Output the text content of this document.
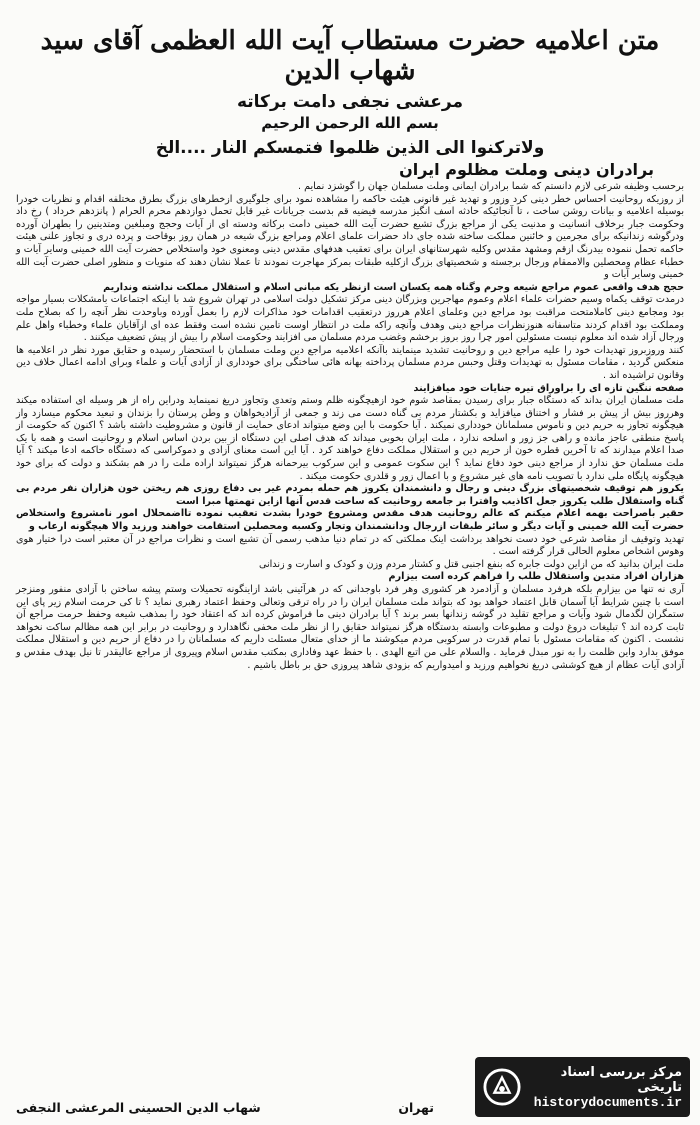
متن اعلامیه حضرت مستطاب آیت الله العظمی آقای سید شهاب الدین
مرعشی نجفی دامت برکاته
بسم الله الرحمن الرحیم
ولاترکنوا الی الذین ظلموا فتمسکم النار ....الخ
برادران دینی وملت مظلوم ایران

برحسب وظیفه شرعی لازم دانستم که شما برادران ایمانی وملت مسلمان جهان را گوشزد نمایم .

از روزیکه روحانیت احساس خطر دینی کرد وزور و تهدید غیر قانونی هیئت حاکمه را مشاهده نمود برای جلوگیری ازخطرهای بزرگ بطرق مختلفه اقدام و نظریات خودرا بوسیله اعلامیه و بیانات روشن ساخت ، تا آنجائیکه حادثه اسف انگیز مدرسه فیضیه قم بدست جریانات غیر قابل تحمل دوازدهم محرم الحرام ( پانزدهم خرداد ) رخ داد وحکومت جبار برخلاف انسانیت و مدنیت یکی از مراجع بزرگ تشیع حضرت آیت الله خمینی دامت برکاته ودسته ای از آیات وحجج ومبلغین ومتدینین را بطهران آورده ودرگوشه زندانیکه برای مجرمین و خائنین مملکت ساخته شده جای داد حضرات علمای اعلام ومراجع بزرگ شیعه در همان روز بوقاحت و پرده دری و تجاوز علنی هیئت حاکمه تحمل ننموده بیدرنگ ازقم ومشهد مقدس وکلیه شهرستانهای ایران برای تعقیب هدفهای مقدس دینی ومعنوی خود واستخلاص حضرت آیت الله خمینی وسایر آیات و خطباء عظام ومحصلین والاممقام ورجال برجسته و شخصیتهای بزرگ ازکلیه طبقات بمرکز مهاجرت نمودند تا عملا نشان دهند که منویات و منظور اصلی حضرت آیت الله خمینی وسایر آیات و

حجج هدف واقعی عموم مراجع شیعه وجرم وگناه همه یکسان است ازنظر یکه مبانی اسلام و استقلال مملکت نداشته ونداریم

درمدت توقف یکماه وسیم حضرات علماء اعلام وعموم مهاجرین وبزرگان دینی مرکز تشکیل دولت اسلامی در تهران شروع شد با اینکه اجتماعات بامشکلات بسیار مواجه بود ومجامع دینی کاملامتحت مراقبت بود مراجع دین وعلمای اعلام هرروز درتعقیب اقدامات خود مذاکرات لازم را بعمل آورده وباوحدت نظر آنچه را که بصلاح ملت ومملکت بود اقدام کردند متاسفانه هنوزنظرات مراجع دینی وهدف وآنچه راکه ملت در انتظار اوست تامین نشده است وفقط عده ای ازآقایان علماء وخطباء واهل علم ورجال آزاد شده اند معلوم نیست مسئولین امور چرا روز بروز برخشم وغضب مردم مسلمان می افزایند وحکومت اسلام را بیش از پیش تضعیف میکنند .

کنند وروزبروز تهدیدات خود را علیه مراجع دین و روحانیت تشدید مینمایند باآنکه اعلامیه مراجع دین وملت مسلمان با استحضار رسیده و حقایق مورد نظر در اعلامیه ها منعکس گردید ، مقامات مسئول به تهدیدات وقتل وحبس مردم مسلمان پرداخته بهانه هائی ساختگی برای خودداری از آزادی آیات و علماء وبرای ادامه اعمال خلاف دین وقانون تراشیده اند .

صفحه ننگین تازه ای را براوراق تیره جنایات خود میافزایند

ملت مسلمان ایران بداند که دستگاه جبار برای رسیدن بمقاصد شوم خود ازهیچگونه ظلم وستم وتعدی وتجاوز دریغ نمینماید ودراین راه از هر وسیله ای استفاده میکند وهرروز بیش از پیش بر فشار و اختناق میافزاید و بکشتار مردم بی گناه دست می زند و جمعی از آزادیخواهان و وطن پرستان را بزندان و تبعید محکوم میسازد واز هیچگونه تجاوز به حریم دین و ناموس مسلمانان خودداری نمیکند . آیا حکومت با این وضع میتواند ادعای حمایت از قانون و مشروطیت داشته باشد ؟ اکنون که حکومت از پاسخ منطقی عاجز مانده و راهی جز زور و اسلحه ندارد ، ملت ایران بخوبی میداند که هدف اصلی این دستگاه از بین بردن اساس اسلام و روحانیت است و همه با یک صدا اعلام میدارند که تا آخرین قطره خون از حریم دین و استقلال مملکت دفاع خواهند کرد . آیا این است معنای آزادی و دموکراسی که دستگاه حاکمه ادعا میکند ؟ آیا ملت مسلمان حق ندارد از مراجع دینی خود دفاع نماید ؟ این سکوت عمومی و این سرکوب بیرحمانه هرگز نمیتواند اراده ملت را در هم بشکند و دولت که برای خود هیچگونه پایگاه ملی ندارد با تصویب نامه های غیر مشروع و با اعمال زور و قلدری حکومت میکند .

یکروز هم توقیف شخصیتهای بزرگ دینی و رجال و دانشمندان یکروز هم حمله بمردم غیر بی دفاع روزی هم ریختن خون هزاران نفر مردم بی گناه واستقلال طلب یکروز جعل اکاذیب وافترا بر جامعه روحانیت که ساحت قدس آنها ازاین تهمتها مبرا است

حقیر باصراحت بهمه اعلام میکنم که عالم روحانیت هدف مقدس ومشروع خودرا بشدت تعقیب نموده تااضمحلال امور نامشروع واستخلاص حضرت آیت الله خمینی و آیات دیگر و سائر طبقات ازرجال ودانشمندان وتجار وکسبه ومحصلین استقامت خواهند ورزید والا هیچگونه ارعاب و

تهدید وتوقیف از مقاصد شرعی خود دست نخواهد برداشت اینک مملکتی که در تمام دنیا مذهب رسمی آن تشیع است و نظرات مراجع در آن معتبر است درا ختیار هوی وهوس اشخاص معلوم الحالی قرار گرفته است .

ملت ایران بدانید که من ازاین دولت جابره که بنفع اجنبی قتل و کشتار مردم وزن و کودک و اسارت و زندانی

هزاران افراد متدین واستقلال طلب را فراهم کرده است بیزارم

آری نه تنها من بیزارم بلکه هرفرد مسلمان و آزادمرد هر کشوری وهر فرد باوجدانی که در هرآئینی باشد ازاینگونه تحمیلات وستم پیشه ساختن با آزادی منفور ومنزجر است با چنین شرایط آیا آسمان قابل اعتماد خواهد بود که بتواند ملت مسلمان ایران را در راه ترقی وتعالی وحفظ اعتماد رهبری نماید ؟ تا کی حرمت اسلام زیر پای این ستمگران لگدمال شود وآیات و مراجع تقلید در گوشه زندانها بسر برند ؟ آیا برادران دینی ما فراموش کرده اند که اعتقاد خود را بمذهب شیعه وحفظ حرمت مراجع آن ثابت کرده اند ؟ تبلیغات دروغ دولت و مطبوعات وابسته بدستگاه هرگز نمیتواند حقایق را از نظر ملت مخفی نگاهدارد و روحانیت در برابر این همه مظالم ساکت نخواهد نشست . اکنون که مقامات مسئول با تمام قدرت در سرکوبی مردم میکوشند ما از خدای متعال مسئلت داریم که مسلمانان را در دفاع از حریم دین و استقلال مملکت موفق بدارد واین ظلمت را به نور مبدل فرماید . والسلام علی من اتبع الهدی . با حفظ عهد وفاداری بمکتب مقدس اسلام وپیروی از مراجع عالیقدر تا نیل بهدف مقدس و آزادی آیات عظام از هیچ کوششی دریغ نخواهیم ورزید و امیدواریم که بزودی شاهد پیروزی حق بر باطل باشیم .

شهاب الدین الحسینی المرعشی النجفی	تهران
مرکز بررسی اسناد تاریخی
historydocuments.ir
